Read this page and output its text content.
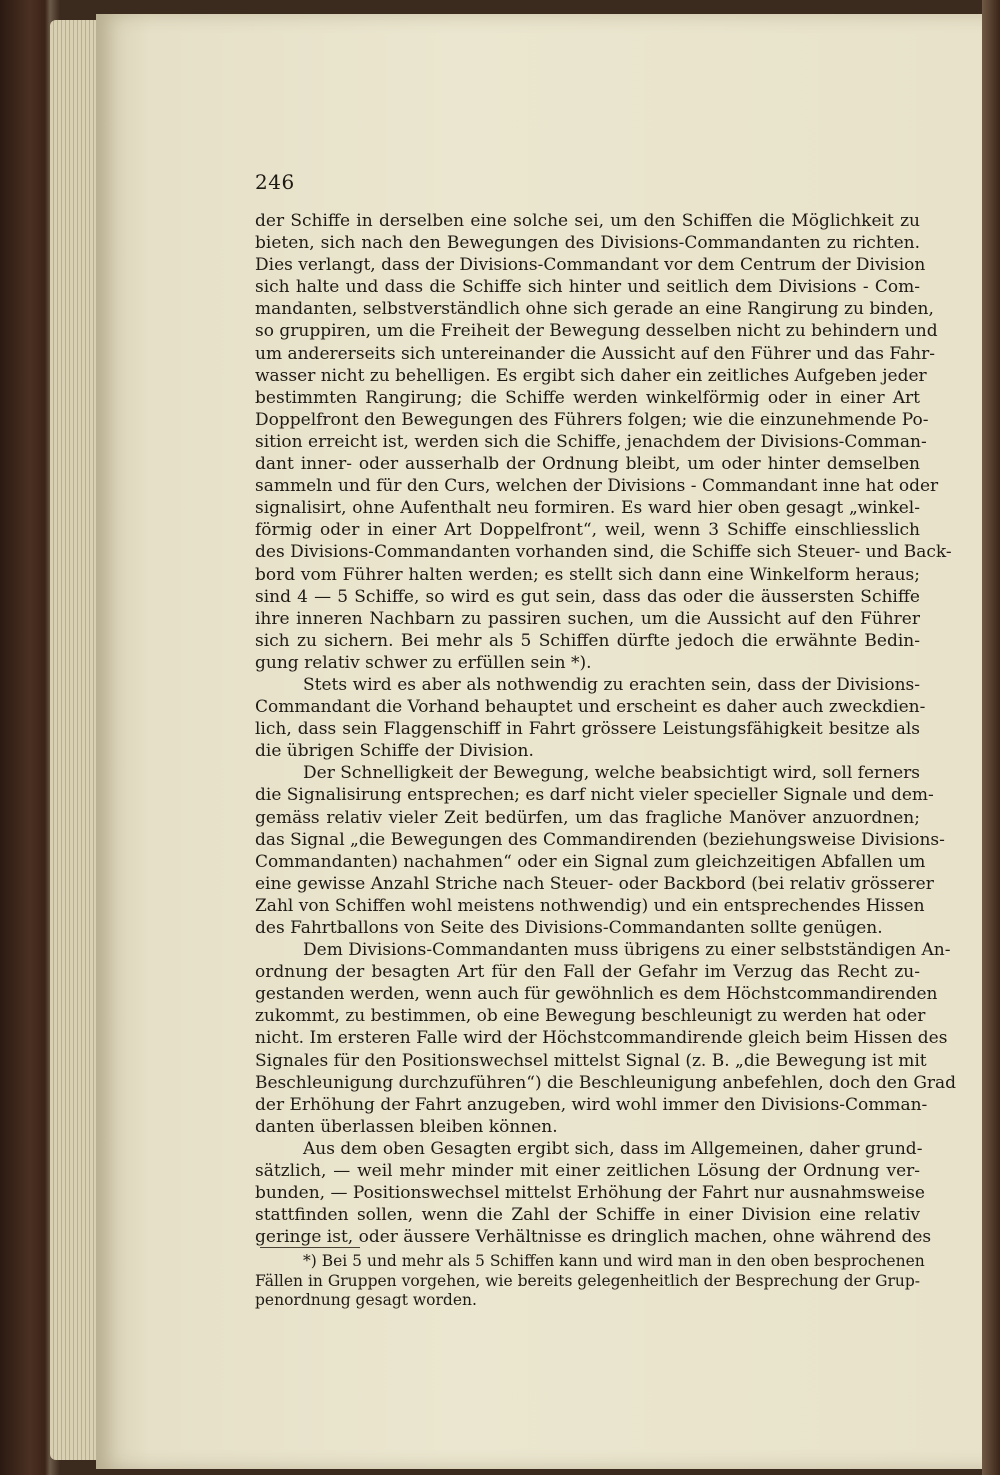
246
der Schiffe in derselben eine solche sei, um den Schiffen die Möglichkeit zu
bieten, sich nach den Bewegungen des Divisions-Commandanten zu richten.
Dies verlangt, dass der Divisions-Commandant vor dem Centrum der Division
sich halte und dass die Schiffe sich hinter und seitlich dem Divisions - Com-
mandanten, selbstverständlich ohne sich gerade an eine Rangirung zu binden,
so gruppiren, um die Freiheit der Bewegung desselben nicht zu behindern und
um andererseits sich untereinander die Aussicht auf den Führer und das Fahr-
wasser nicht zu behelligen. Es ergibt sich daher ein zeitliches Aufgeben jeder
bestimmten Rangirung; die Schiffe werden winkelförmig oder in einer Art
Doppelfront den Bewegungen des Führers folgen; wie die einzunehmende Po-
sition erreicht ist, werden sich die Schiffe, jenachdem der Divisions-Comman-
dant inner- oder ausserhalb der Ordnung bleibt, um oder hinter demselben
sammeln und für den Curs, welchen der Divisions - Commandant inne hat oder
signalisirt, ohne Aufenthalt neu formiren. Es ward hier oben gesagt „winkel-
förmig oder in einer Art Doppelfront“, weil, wenn 3 Schiffe einschliesslich
des Divisions-Commandanten vorhanden sind, die Schiffe sich Steuer- und Back-
bord vom Führer halten werden; es stellt sich dann eine Winkelform heraus;
sind 4 — 5 Schiffe, so wird es gut sein, dass das oder die äussersten Schiffe
ihre inneren Nachbarn zu passiren suchen, um die Aussicht auf den Führer
sich zu sichern. Bei mehr als 5 Schiffen dürfte jedoch die erwähnte Bedin-
gung relativ schwer zu erfüllen sein *).
Stets wird es aber als nothwendig zu erachten sein, dass der Divisions-
Commandant die Vorhand behauptet und erscheint es daher auch zweckdien-
lich, dass sein Flaggenschiff in Fahrt grössere Leistungsfähigkeit besitze als
die übrigen Schiffe der Division.
Der Schnelligkeit der Bewegung, welche beabsichtigt wird, soll ferners
die Signalisirung entsprechen; es darf nicht vieler specieller Signale und dem-
gemäss relativ vieler Zeit bedürfen, um das fragliche Manöver anzuordnen;
das Signal „die Bewegungen des Commandirenden (beziehungsweise Divisions-
Commandanten) nachahmen“ oder ein Signal zum gleichzeitigen Abfallen um
eine gewisse Anzahl Striche nach Steuer- oder Backbord (bei relativ grösserer
Zahl von Schiffen wohl meistens nothwendig) und ein entsprechendes Hissen
des Fahrtballons von Seite des Divisions-Commandanten sollte genügen.
Dem Divisions-Commandanten muss übrigens zu einer selbstständigen An-
ordnung der besagten Art für den Fall der Gefahr im Verzug das Recht zu-
gestanden werden, wenn auch für gewöhnlich es dem Höchstcommandirenden
zukommt, zu bestimmen, ob eine Bewegung beschleunigt zu werden hat oder
nicht. Im ersteren Falle wird der Höchstcommandirende gleich beim Hissen des
Signales für den Positionswechsel mittelst Signal (z. B. „die Bewegung ist mit
Beschleunigung durchzuführen“) die Beschleunigung anbefehlen, doch den Grad
der Erhöhung der Fahrt anzugeben, wird wohl immer den Divisions-Comman-
danten überlassen bleiben können.
Aus dem oben Gesagten ergibt sich, dass im Allgemeinen, daher grund-
sätzlich, — weil mehr minder mit einer zeitlichen Lösung der Ordnung ver-
bunden, — Positionswechsel mittelst Erhöhung der Fahrt nur ausnahmsweise
stattfinden sollen, wenn die Zahl der Schiffe in einer Division eine relativ
geringe ist, oder äussere Verhältnisse es dringlich machen, ohne während des
*) Bei 5 und mehr als 5 Schiffen kann und wird man in den oben besprochenen
Fällen in Gruppen vorgehen, wie bereits gelegenheitlich der Besprechung der Grup-
penordnung gesagt worden.
